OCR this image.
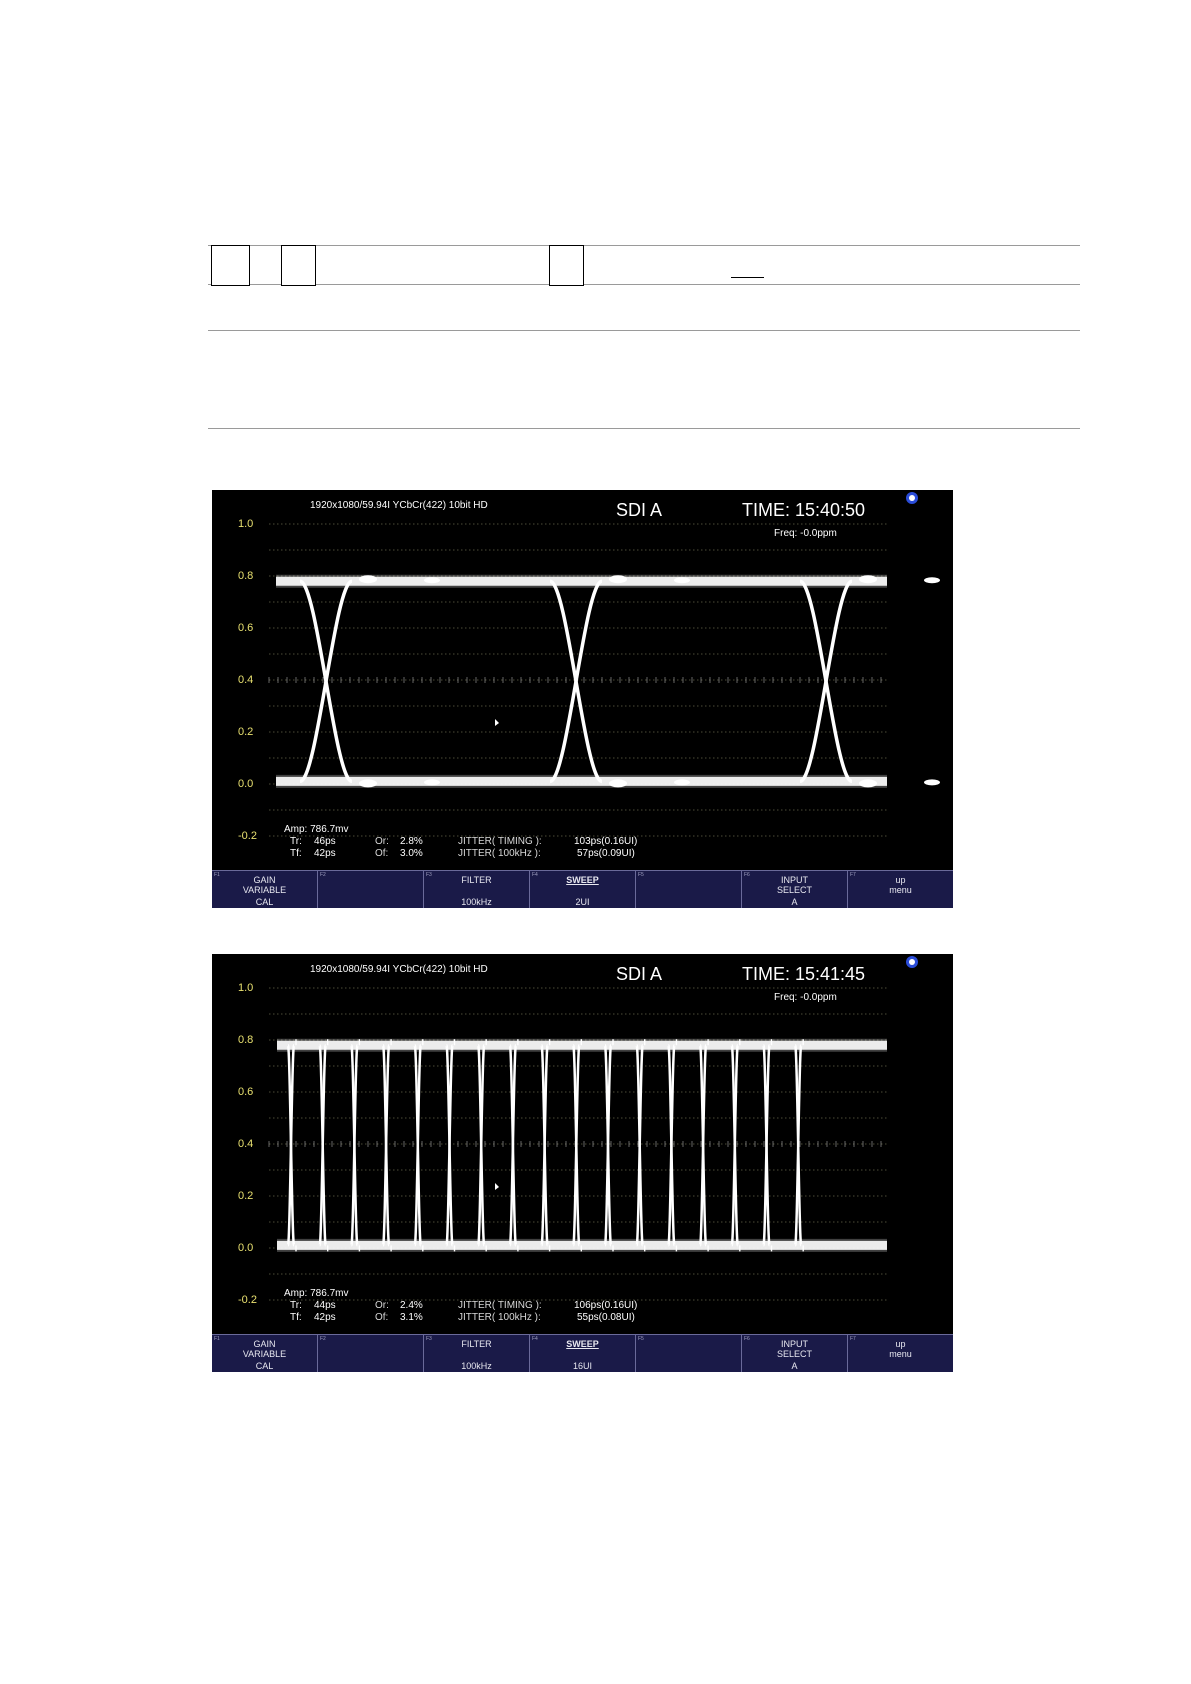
1920x1080/59.94I YCbCr(422) 10bit HD	SDI A	TIME: 15:40:50
Freq: -0.0ppm
1.0
0.8
0.6
0.4
0.2
0.0
-0.2
Amp: 786.7mv
Tr: 46ps
Tf: 42ps
Or: 2.8%
Of: 3.0%
JITTER( TIMING ):	103ps(0.16UI)
JITTER( 100kHz ):	57ps(0.09UI)
F1	GAIN
VARIABLE
CAL
F2	F3	FILTER
100kHz
F4	SWEEP
2UI
F5	F6	INPUT
SELECT
A
F7	up
menu
1920x1080/59.94I YCbCr(422) 10bit HD	SDI A	TIME: 15:41:45
Freq: -0.0ppm
1.0
0.8
0.6
0.4
0.2
0.0
-0.2
Amp: 786.7mv
Tr: 44ps
Tf: 42ps
Or: 2.4%
Of: 3.1%
JITTER( TIMING ):	106ps(0.16UI)
JITTER( 100kHz ):	55ps(0.08UI)
F1	GAIN
VARIABLE
CAL
F2	F3	FILTER
100kHz
F4	SWEEP
16UI
F5	F6	INPUT
SELECT
A
F7	up
menu
